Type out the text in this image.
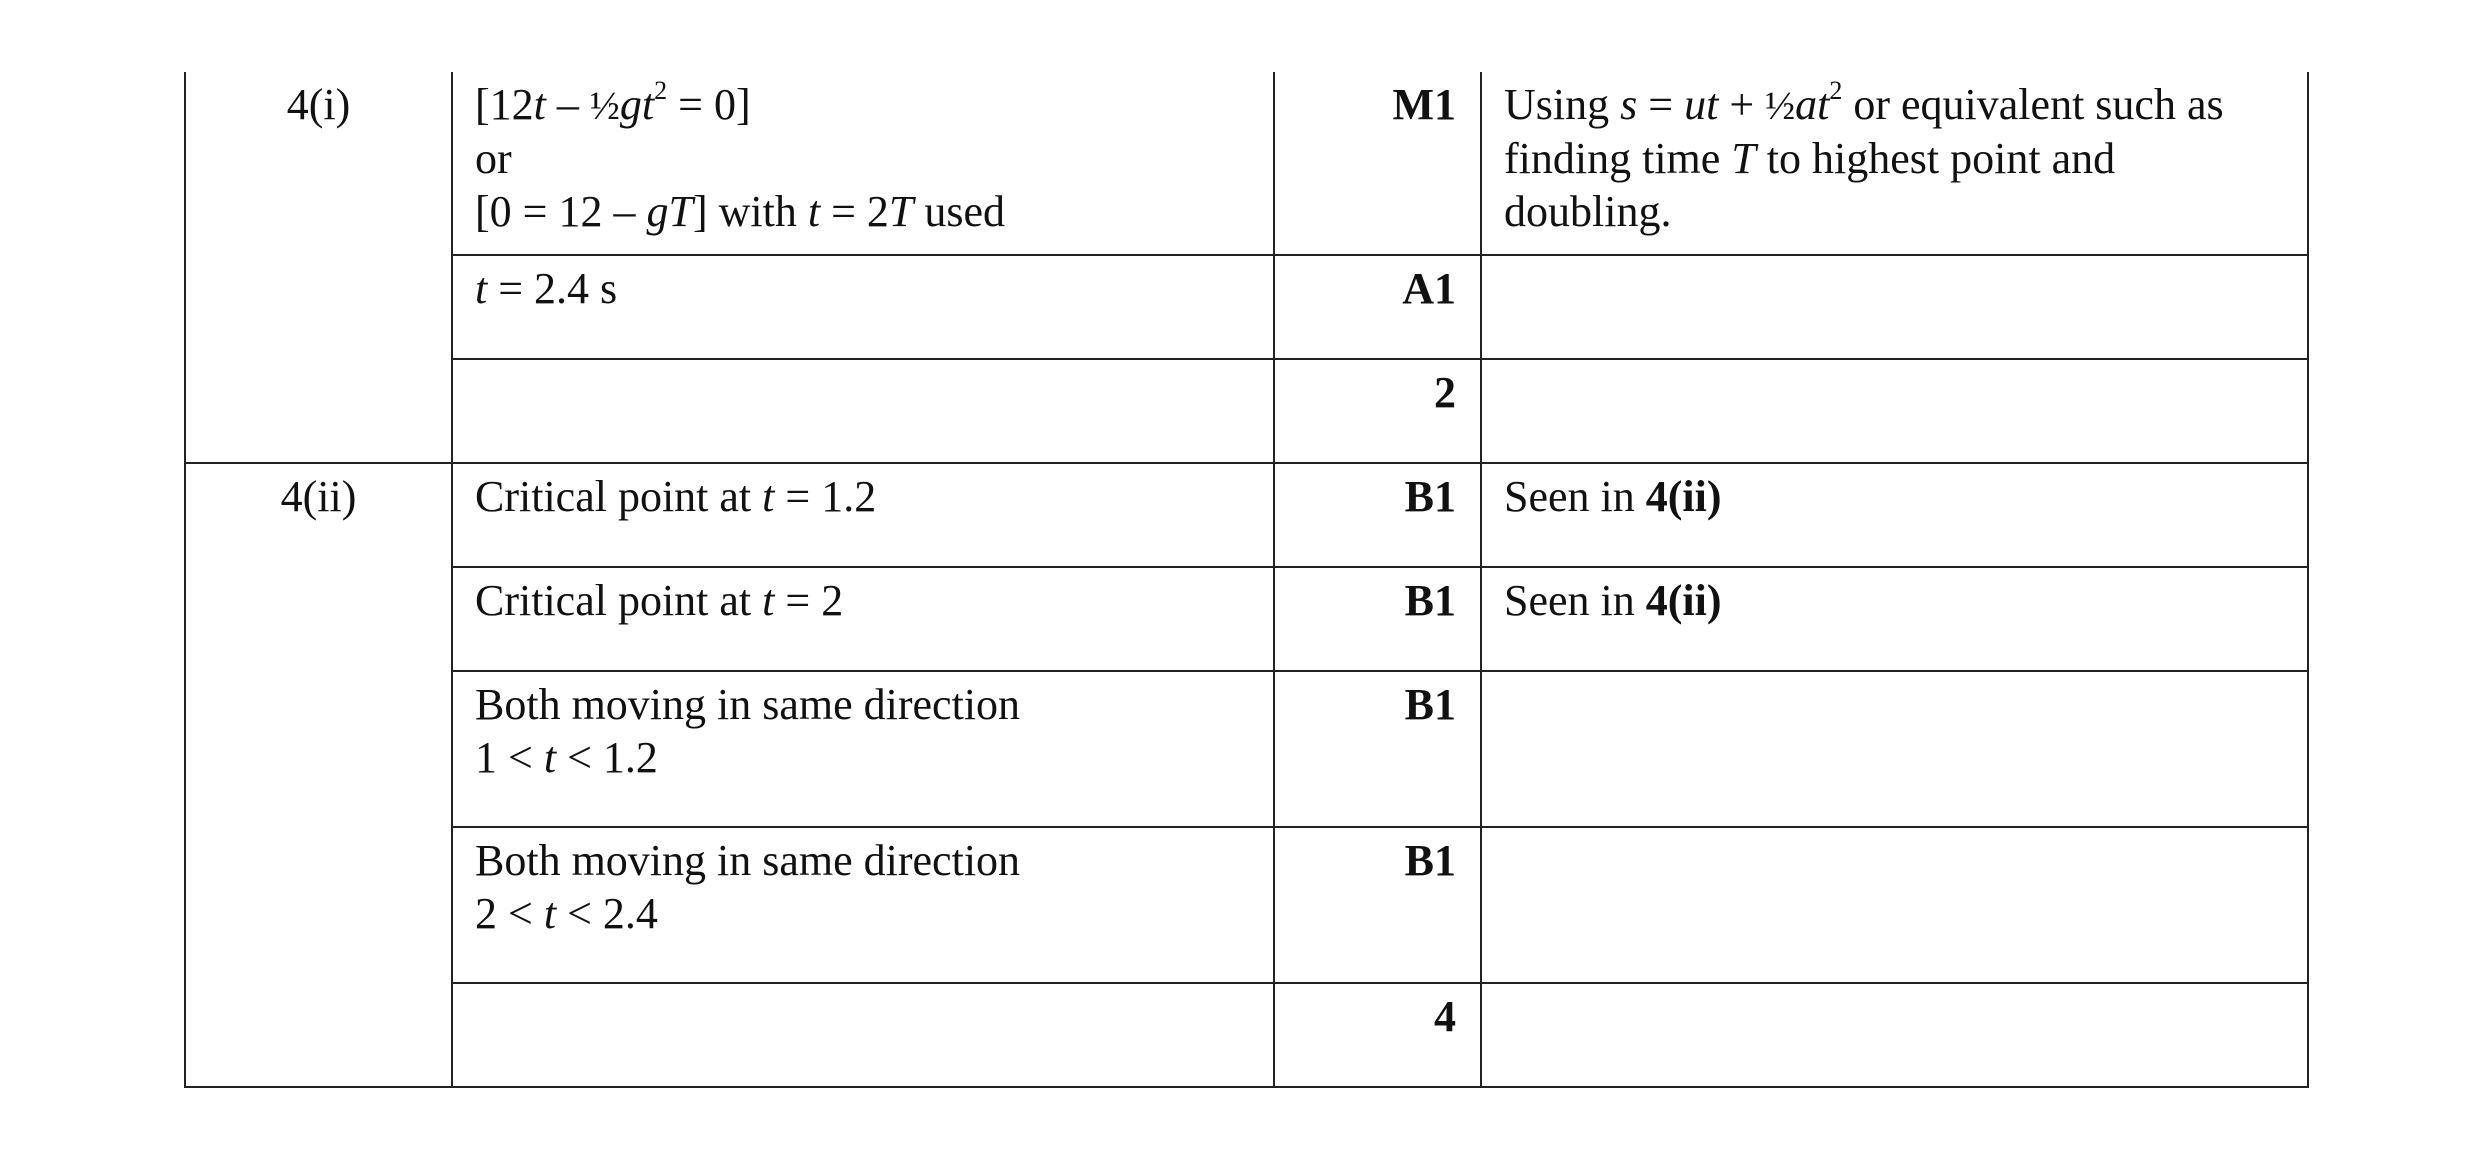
4(i)	$[12t - \frac{1}{2}gt^2 = 0]$
or
[0 = 12 – gT] with t = 2T used	M1	Using s = ut + $\frac{1}{2}at^2$ or equivalent such as finding time T to highest point and doubling.

	t = 2.4 s	A1	
		2	
4(ii)	Critical point at t = 1.2	B1	Seen in 4(ii)

	Critical point at t = 2	B1	Seen in 4(ii)

	Both moving in same direction
1 < t < 1.2	B1	

	Both moving in same direction
2 < t < 2.4	B1	
		4	
